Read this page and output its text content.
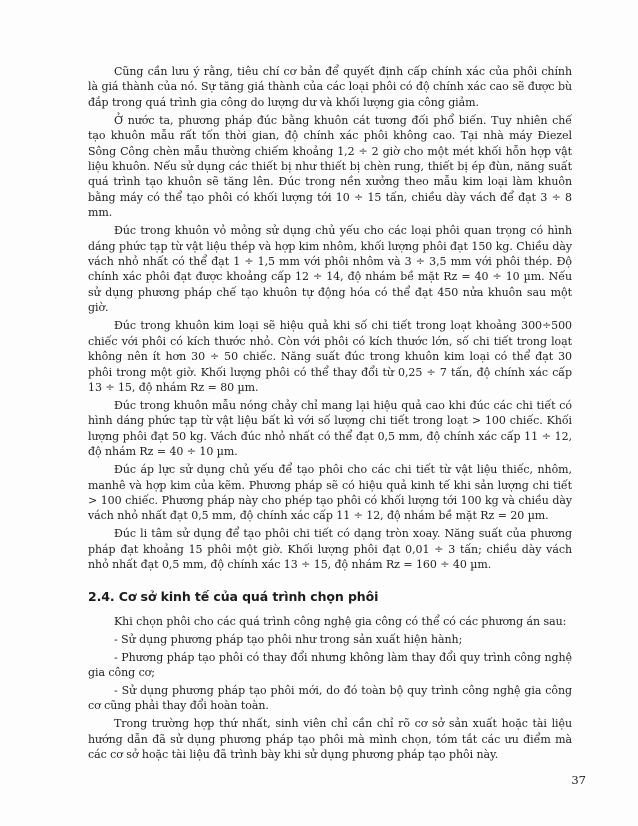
Cũng cần lưu ý rằng, tiêu chí cơ bản để quyết định cấp chính xác của phôi chính là giá thành của nó. Sự tăng giá thành của các loại phôi có độ chính xác cao sẽ được bù đắp trong quá trình gia công do lượng dư và khối lượng gia công giảm.

Ở nước ta, phương pháp đúc bằng khuôn cát tương đối phổ biến. Tuy nhiên chế tạo khuôn mẫu rất tốn thời gian, độ chính xác phôi không cao. Tại nhà máy Điezel Sông Công chèn mẫu thường chiếm khoảng 1,2 ÷ 2 giờ cho một mét khối hỗn hợp vật liệu khuôn. Nếu sử dụng các thiết bị như thiết bị chèn rung, thiết bị ép đùn, năng suất quá trình tạo khuôn sẽ tăng lên. Đúc trong nền xưởng theo mẫu kim loại làm khuôn bằng máy có thể tạo phôi có khối lượng tới 10 ÷ 15 tấn, chiều dày vách để đạt 3 ÷ 8 mm.

Đúc trong khuôn vỏ mỏng sử dụng chủ yếu cho các loại phôi quan trọng có hình dáng phức tạp từ vật liệu thép và hợp kim nhôm, khối lượng phôi đạt 150 kg. Chiều dày vách nhỏ nhất có thể đạt 1 ÷ 1,5 mm với phôi nhôm và 3 ÷ 3,5 mm với phôi thép. Độ chính xác phôi đạt được khoảng cấp 12 ÷ 14, độ nhám bề mặt Rz = 40 ÷ 10 µm. Nếu sử dụng phương pháp chế tạo khuôn tự động hóa có thể đạt 450 nửa khuôn sau một giờ.

Đúc trong khuôn kim loại sẽ hiệu quả khi số chi tiết trong loạt khoảng 300÷500 chiếc với phôi có kích thước nhỏ. Còn với phôi có kích thước lớn, số chi tiết trong loạt không nên ít hơn 30 ÷ 50 chiếc. Năng suất đúc trong khuôn kim loại có thể đạt 30 phôi trong một giờ. Khối lượng phôi có thể thay đổi từ 0,25 ÷ 7 tấn, độ chính xác cấp 13 ÷ 15, độ nhám Rz = 80 µm.

Đúc trong khuôn mẫu nóng chảy chỉ mang lại hiệu quả cao khi đúc các chi tiết có hình dáng phức tạp từ vật liệu bất kì với số lượng chi tiết trong loạt > 100 chiếc. Khối lượng phôi đạt 50 kg. Vách đúc nhỏ nhất có thể đạt 0,5 mm, độ chính xác cấp 11 ÷ 12, độ nhám Rz = 40 ÷ 10 µm.

Đúc áp lực sử dụng chủ yếu để tạo phôi cho các chi tiết từ vật liệu thiếc, nhôm, manhê và hợp kim của kẽm. Phương pháp sẽ có hiệu quả kinh tế khi sản lượng chi tiết > 100 chiếc. Phương pháp này cho phép tạo phôi có khối lượng tới 100 kg và chiều dày vách nhỏ nhất đạt 0,5 mm, độ chính xác cấp 11 ÷ 12, độ nhám bề mặt Rz = 20 µm.

Đúc li tâm sử dụng để tạo phôi chi tiết có dạng tròn xoay. Năng suất của phương pháp đạt khoảng 15 phôi một giờ. Khối lượng phôi đạt 0,01 ÷ 3 tấn; chiều dày vách nhỏ nhất đạt 0,5 mm, độ chính xác 13 ÷ 15, độ nhám Rz = 160 ÷ 40 µm.

2.4. Cơ sở kinh tế của quá trình chọn phôi

Khi chọn phôi cho các quá trình công nghệ gia công có thể có các phương án sau:

- Sử dụng phương pháp tạo phôi như trong sản xuất hiện hành;

- Phương pháp tạo phôi có thay đổi nhưng không làm thay đổi quy trình công nghệ gia công cơ;

- Sử dụng phương pháp tạo phôi mới, do đó toàn bộ quy trình công nghệ gia công cơ cũng phải thay đổi hoàn toàn.

Trong trường hợp thứ nhất, sinh viên chỉ cần chỉ rõ cơ sở sản xuất hoặc tài liệu hướng dẫn đã sử dụng phương pháp tạo phôi mà mình chọn, tóm tắt các ưu điểm mà các cơ sở hoặc tài liệu đã trình bày khi sử dụng phương pháp tạo phôi này.

37
